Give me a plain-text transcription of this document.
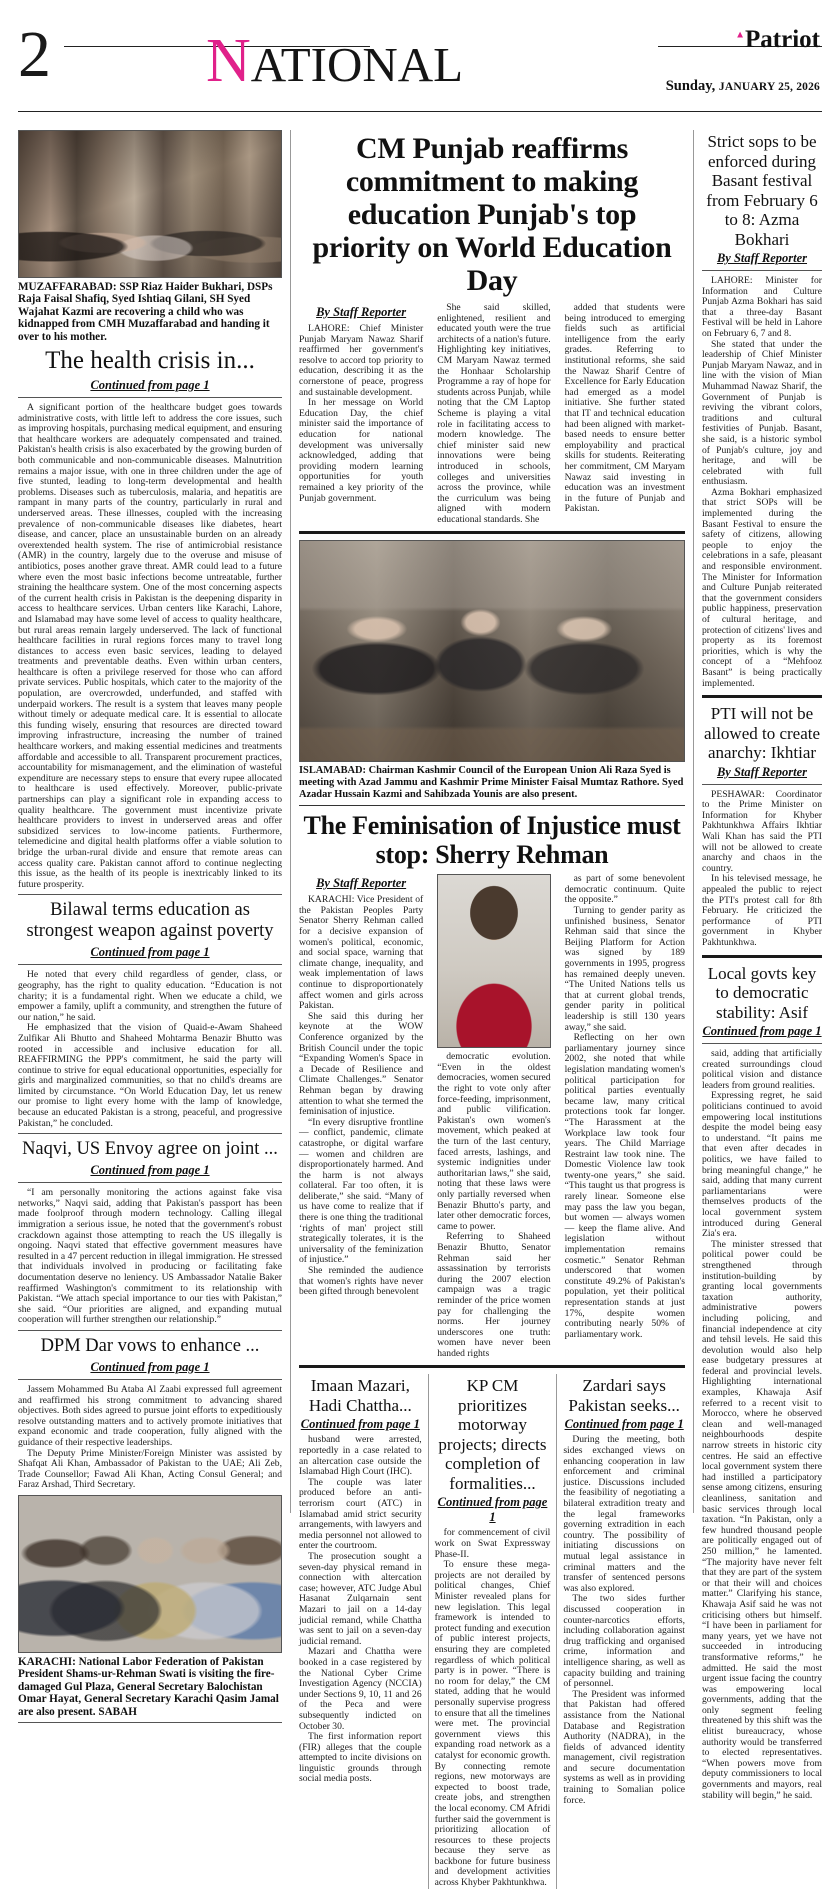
2	NATIONAL
▲Patriot
Sunday, JANUARY 25, 2026
MUZAFFARABAD: SSP Riaz Haider Bukhari, DSPs Raja Faisal Shafiq, Syed Ishtiaq Gilani, SH Syed Wajahat Kazmi are recovering a child who was kidnapped from CMH Muzaffarabad and handing it over to his mother.
The health crisis in...
Continued from page 1

A significant portion of the healthcare budget goes towards administrative costs, with little left to address the core issues, such as improving hospitals, purchasing medical equipment, and ensuring that healthcare workers are adequately compensated and trained. Pakistan's health crisis is also exacerbated by the growing burden of both communicable and non-communicable diseases. Malnutrition remains a major issue, with one in three children under the age of five stunted, leading to long-term developmental and health problems. Diseases such as tuberculosis, malaria, and hepatitis are rampant in many parts of the country, particularly in rural and underserved areas. These illnesses, coupled with the increasing prevalence of non-communicable diseases like diabetes, heart disease, and cancer, place an unsustainable burden on an already overextended health system. The rise of antimicrobial resistance (AMR) in the country, largely due to the overuse and misuse of antibiotics, poses another grave threat. AMR could lead to a future where even the most basic infections become untreatable, further straining the healthcare system. One of the most concerning aspects of the current health crisis in Pakistan is the deepening disparity in access to healthcare services. Urban centers like Karachi, Lahore, and Islamabad may have some level of access to quality healthcare, but rural areas remain largely underserved. The lack of functional healthcare facilities in rural regions forces many to travel long distances to access even basic services, leading to delayed treatments and preventable deaths. Even within urban centers, healthcare is often a privilege reserved for those who can afford private services. Public hospitals, which cater to the majority of the population, are overcrowded, underfunded, and staffed with underpaid workers. The result is a system that leaves many people without timely or adequate medical care. It is essential to allocate this funding wisely, ensuring that resources are directed toward improving infrastructure, increasing the number of trained healthcare workers, and making essential medicines and treatments affordable and accessible to all. Transparent procurement practices, accountability for mismanagement, and the elimination of wasteful expenditure are necessary steps to ensure that every rupee allocated to healthcare is used effectively. Moreover, public-private partnerships can play a significant role in expanding access to quality healthcare. The government must incentivize private healthcare providers to invest in underserved areas and offer subsidized services to low-income patients. Furthermore, telemedicine and digital health platforms offer a viable solution to bridge the urban-rural divide and ensure that remote areas can access quality care. Pakistan cannot afford to continue neglecting this issue, as the health of its people is inextricably linked to its future prosperity.

Bilawal terms education as strongest weapon against poverty
Continued from page 1

He noted that every child regardless of gender, class, or geography, has the right to quality education. “Education is not charity; it is a fundamental right. When we educate a child, we empower a family, uplift a community, and strengthen the future of our nation,” he said.

He emphasized that the vision of Quaid-e-Awam Shaheed Zulfikar Ali Bhutto and Shaheed Mohtarma Benazir Bhutto was rooted in accessible and inclusive education for all. REAFFIRMING the PPP's commitment, he said the party will continue to strive for equal educational opportunities, especially for girls and marginalized communities, so that no child's dreams are limited by circumstance. “On World Education Day, let us renew our promise to light every home with the lamp of knowledge, because an educated Pakistan is a strong, peaceful, and progressive Pakistan,” he concluded.

Naqvi, US Envoy agree on joint ...
Continued from page 1

“I am personally monitoring the actions against fake visa networks,” Naqvi said, adding that Pakistan's passport has been made foolproof through modern technology. Calling illegal immigration a serious issue, he noted that the government's robust crackdown against those attempting to reach the US illegally is ongoing. Naqvi stated that effective government measures have resulted in a 47 percent reduction in illegal immigration. He stressed that individuals involved in producing or facilitating fake documentation deserve no leniency. US Ambassador Natalie Baker reaffirmed Washington's commitment to its relationship with Pakistan. “We attach special importance to our ties with Pakistan,” she said. “Our priorities are aligned, and expanding mutual cooperation will further strengthen our relationship.”

DPM Dar vows to enhance ...
Continued from page 1

Jassem Mohammed Bu Ataba Al Zaabi expressed full agreement and reaffirmed his strong commitment to advancing shared objectives. Both sides agreed to pursue joint efforts to expeditiously resolve outstanding matters and to actively promote initiatives that expand economic and trade cooperation, fully aligned with the guidance of their respective leaderships.

The Deputy Prime Minister/Foreign Minister was assisted by Shafqat Ali Khan, Ambassador of Pakistan to the UAE; Ali Zeb, Trade Counsellor; Fawad Ali Khan, Acting Consul General; and Faraz Arshad, Third Secretary.

KARACHI: National Labor Federation of Pakistan President Shams-ur-Rehman Swati is visiting the fire-damaged Gul Plaza, General Secretary Balochistan Omar Hayat, General Secretary Karachi Qasim Jamal are also present. SABAH
CM Punjab reaffirms commitment to making education Punjab's top priority on World Education Day
By Staff Reporter

LAHORE: Chief Minister Punjab Maryam Nawaz Sharif reaffirmed her government's resolve to accord top priority to education, describing it as the cornerstone of peace, progress and sustainable development.

In her message on World Education Day, the chief minister said the importance of education for national development was universally acknowledged, adding that providing modern learning opportunities for youth remained a key priority of the Punjab government.

She said skilled, enlightened, resilient and educated youth were the true architects of a nation's future. Highlighting key initiatives, CM Maryam Nawaz termed the Honhaar Scholarship Programme a ray of hope for students across Punjab, while noting that the CM Laptop Scheme is playing a vital role in facilitating access to modern knowledge. The chief minister said new innovations were being introduced in schools, colleges and universities across the province, while the curriculum was being aligned with modern educational standards. She

added that students were being introduced to emerging fields such as artificial intelligence from the early grades. Referring to institutional reforms, she said the Nawaz Sharif Centre of Excellence for Early Education had emerged as a model initiative. She further stated that IT and technical education had been aligned with market-based needs to ensure better employability and practical skills for students. Reiterating her commitment, CM Maryam Nawaz said investing in education was an investment in the future of Punjab and Pakistan.

ISLAMABAD: Chairman Kashmir Council of the European Union Ali Raza Syed is meeting with Azad Jammu and Kashmir Prime Minister Faisal Mumtaz Rathore. Syed Azadar Hussain Kazmi and Sahibzada Younis are also present.
The Feminisation of Injustice must stop: Sherry Rehman
By Staff Reporter

KARACHI: Vice President of the Pakistan Peoples Party Senator Sherry Rehman called for a decisive expansion of women's political, economic, and social space, warning that climate change, inequality, and weak implementation of laws continue to disproportionately affect women and girls across Pakistan.

She said this during her keynote at the WOW Conference organized by the British Council under the topic “Expanding Women's Space in a Decade of Resilience and Climate Challenges.” Senator Rehman began by drawing attention to what she termed the feminisation of injustice.

“In every disruptive frontline — conflict, pandemic, climate catastrophe, or digital warfare — women and children are disproportionately harmed. And the harm is not always collateral. Far too often, it is deliberate,” she said. “Many of us have come to realize that if there is one thing the traditional ‘rights of man' project still strategically tolerates, it is the universality of the feminization of injustice.”

She reminded the audience that women's rights have never been gifted through benevolent

democratic evolution. “Even in the oldest democracies, women secured the right to vote only after force-feeding, imprisonment, and public vilification. Pakistan's own women's movement, which peaked at the turn of the last century, faced arrests, lashings, and systemic indignities under authoritarian laws,” she said, noting that these laws were only partially reversed when Benazir Bhutto's party, and later other democratic forces, came to power.

Referring to Shaheed Benazir Bhutto, Senator Rehman said her assassination by terrorists during the 2007 election campaign was a tragic reminder of the price women pay for challenging the norms. Her journey underscores one truth: women have never been handed rights

as part of some benevolent democratic continuum. Quite the opposite.”

Turning to gender parity as unfinished business, Senator Rehman said that since the Beijing Platform for Action was signed by 189 governments in 1995, progress has remained deeply uneven. “The United Nations tells us that at current global trends, gender parity in political leadership is still 130 years away,” she said.

Reflecting on her own parliamentary journey since 2002, she noted that while legislation mandating women's political participation for political parties eventually became law, many critical protections took far longer. “The Harassment at the Workplace law took four years. The Child Marriage Restraint law took nine. The Domestic Violence law took twenty-one years,” she said. “This taught us that progress is rarely linear. Someone else may pass the law you began, but women — always women — keep the flame alive. And legislation without implementation remains cosmetic.” Senator Rehman underscored that women constitute 49.2% of Pakistan's population, yet their political representation stands at just 17%, despite women contributing nearly 50% of parliamentary work.

Imaan Mazari, Hadi Chattha...
Continued from page 1

husband were arrested, reportedly in a case related to an altercation case outside the Islamabad High Court (IHC).

The couple was later produced before an anti-terrorism court (ATC) in Islamabad amid strict security arrangements, with lawyers and media personnel not allowed to enter the courtroom.

The prosecution sought a seven-day physical remand in connection with altercation case; however, ATC Judge Abul Hasanat Zulqarnain sent Mazari to jail on a 14-day judicial remand, while Chattha was sent to jail on a seven-day judicial remand.

Mazari and Chattha were booked in a case registered by the National Cyber Crime Investigation Agency (NCCIA) under Sections 9, 10, 11 and 26 of the Peca and were subsequently indicted on October 30.

The first information report (FIR) alleges that the couple attempted to incite divisions on linguistic grounds through social media posts.

KP CM prioritizes motorway projects; directs completion of formalities...
Continued from page 1

for commencement of civil work on Swat Expressway Phase-II.

To ensure these mega-projects are not derailed by political changes, Chief Minister revealed plans for new legislation. This legal framework is intended to protect funding and execution of public interest projects, ensuring they are completed regardless of which political party is in power. “There is no room for delay,” the CM stated, adding that he would personally supervise progress to ensure that all the timelines were met. The provincial government views this expanding road network as a catalyst for economic growth. By connecting remote regions, new motorways are expected to boost trade, create jobs, and strengthen the local economy. CM Afridi further said the government is prioritizing allocation of resources to these projects because they serve as backbone for future business and development activities across Khyber Pakhtunkhwa.

Zardari says Pakistan seeks...
Continued from page 1

During the meeting, both sides exchanged views on enhancing cooperation in law enforcement and criminal justice. Discussions included the feasibility of negotiating a bilateral extradition treaty and the legal frameworks governing extradition in each country. The possibility of initiating discussions on mutual legal assistance in criminal matters and the transfer of sentenced persons was also explored.

The two sides further discussed cooperation in counter-narcotics efforts, including collaboration against drug trafficking and organised crime, information and intelligence sharing, as well as capacity building and training of personnel.

The President was informed that Pakistan had offered assistance from the National Database and Registration Authority (NADRA), in the fields of advanced identity management, civil registration and secure documentation systems as well as in providing training to Somalian police force.

Strict sops to be enforced during Basant festival from February 6 to 8: Azma Bokhari
By Staff Reporter

LAHORE: Minister for Information and Culture Punjab Azma Bokhari has said that a three-day Basant Festival will be held in Lahore on February 6, 7 and 8.

She stated that under the leadership of Chief Minister Punjab Maryam Nawaz, and in line with the vision of Mian Muhammad Nawaz Sharif, the Government of Punjab is reviving the vibrant colors, traditions and cultural festivities of Punjab. Basant, she said, is a historic symbol of Punjab's culture, joy and heritage, and will be celebrated with full enthusiasm.

Azma Bokhari emphasized that strict SOPs will be implemented during the Basant Festival to ensure the safety of citizens, allowing people to enjoy the celebrations in a safe, pleasant and responsible environment. The Minister for Information and Culture Punjab reiterated that the government considers public happiness, preservation of cultural heritage, and protection of citizens' lives and property as its foremost priorities, which is why the concept of a “Mehfooz Basant” is being practically implemented.

PTI will not be allowed to create anarchy: Ikhtiar
By Staff Reporter

PESHAWAR: Coordinator to the Prime Minister on Information for Khyber Pakhtunkhwa Affairs Ikhtiar Wali Khan has said the PTI will not be allowed to create anarchy and chaos in the country.

In his televised message, he appealed the public to reject the PTI's protest call for 8th February. He criticized the performance of PTI government in Khyber Pakhtunkhwa.

Local govts key to democratic stability: Asif
Continued from page 1

said, adding that artificially created surroundings cloud political vision and distance leaders from ground realities.

Expressing regret, he said politicians continued to avoid empowering local institutions despite the model being easy to understand. “It pains me that even after decades in politics, we have failed to bring meaningful change,” he said, adding that many current parliamentarians were themselves products of the local government system introduced during General Zia's era.

The minister stressed that political power could be strengthened through institution-building by granting local governments taxation authority, administrative powers including policing, and financial independence at city and tehsil levels. He said this devolution would also help ease budgetary pressures at federal and provincial levels. Highlighting international examples, Khawaja Asif referred to a recent visit to Morocco, where he observed clean and well-managed neighbourhoods despite narrow streets in historic city centres. He said an effective local government system there had instilled a participatory sense among citizens, ensuring cleanliness, sanitation and basic services through local taxation. “In Pakistan, only a few hundred thousand people are politically engaged out of 250 million,” he lamented. “The majority have never felt that they are part of the system or that their will and choices matter.” Clarifying his stance, Khawaja Asif said he was not criticising others but himself. “I have been in parliament for many years, yet we have not succeeded in introducing transformative reforms,” he admitted. He said the most urgent issue facing the country was empowering local governments, adding that the only segment feeling threatened by this shift was the elitist bureaucracy, whose authority would be transferred to elected representatives. “When powers move from deputy commissioners to local governments and mayors, real stability will begin,” he said.
